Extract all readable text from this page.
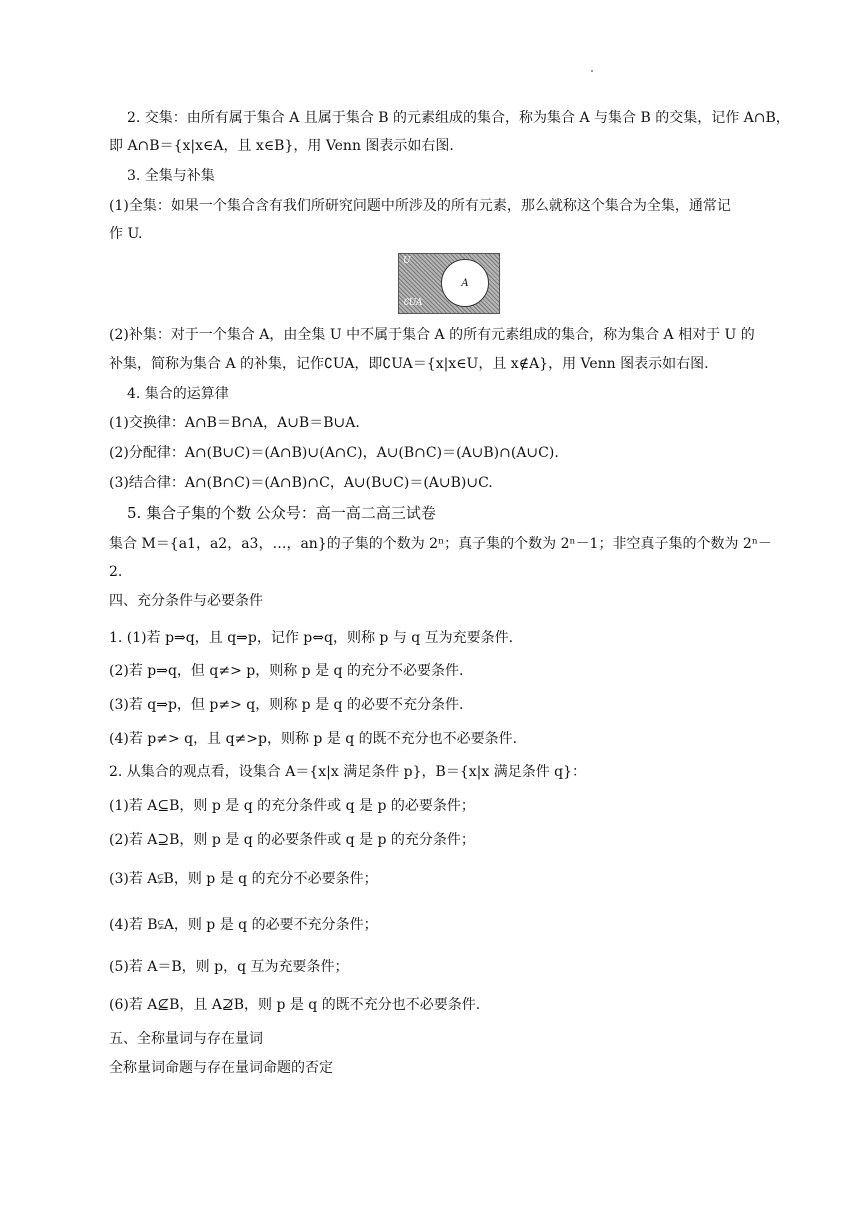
2. 交集：由所有属于集合 A 且属于集合 B 的元素组成的集合，称为集合 A 与集合 B 的交集，记作 A∩B，
即 A∩B＝{x|x∈A，且 x∈B}，用 Venn 图表示如右图.
3. 全集与补集
(1)全集：如果一个集合含有我们所研究问题中所涉及的所有元素，那么就称这个集合为全集，通常记
作 U.
U
A
∁UA
(2)补集：对于一个集合 A，由全集 U 中不属于集合 A 的所有元素组成的集合，称为集合 A 相对于 U 的
补集，简称为集合 A 的补集，记作∁UA，即∁UA＝{x|x∈U，且 x∉A}，用 Venn 图表示如右图.
4. 集合的运算律
(1)交换律：A∩B＝B∩A，A∪B＝B∪A.
(2)分配律：A∩(B∪C)＝(A∩B)∪(A∩C)，A∪(B∩C)＝(A∪B)∩(A∪C).
(3)结合律：A∩(B∩C)＝(A∩B)∩C，A∪(B∪C)＝(A∪B)∪C.
5. 集合子集的个数 公众号：高一高二高三试卷
集合 M＝{a1，a2，a3，…，an}的子集的个数为 2ⁿ；真子集的个数为 2ⁿ－1；非空真子集的个数为 2ⁿ－
2.
四、充分条件与必要条件
1. (1)若 p⇒q，且 q⇒p，记作 p⇔q，则称 p 与 q 互为充要条件.
(2)若 p⇒q，但 q≠> p，则称 p 是 q 的充分不必要条件.
(3)若 q⇒p，但 p≠> q，则称 p 是 q 的必要不充分条件.
(4)若 p≠> q，且 q≠>p，则称 p 是 q 的既不充分也不必要条件.
2. 从集合的观点看，设集合 A＝{x|x 满足条件 p}，B＝{x|x 满足条件 q}：
(1)若 A⊆B，则 p 是 q 的充分条件或 q 是 p 的必要条件；
(2)若 A⊇B，则 p 是 q 的必要条件或 q 是 p 的充分条件；
(3)若 A⫋B，则 p 是 q 的充分不必要条件；
(4)若 B⫋A，则 p 是 q 的必要不充分条件；
(5)若 A＝B，则 p，q 互为充要条件；
(6)若 A⊈B，且 A⊉B，则 p 是 q 的既不充分也不必要条件.
五、全称量词与存在量词
全称量词命题与存在量词命题的否定
